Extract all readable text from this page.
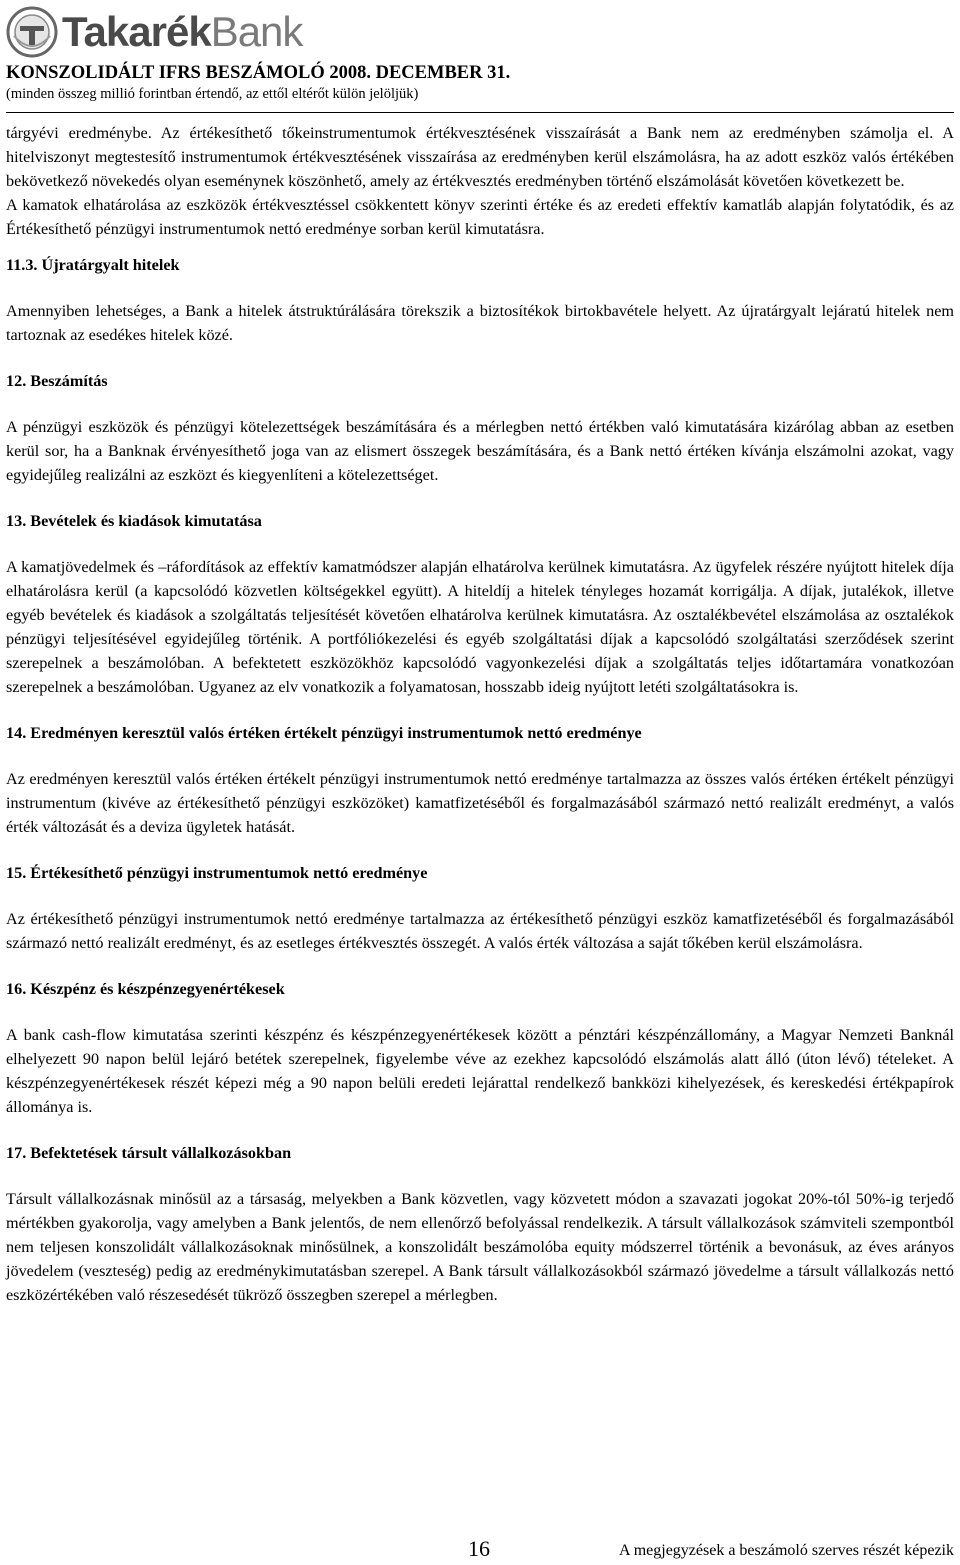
TakarékBank
KONSZOLIDÁLT IFRS BESZÁMOLÓ 2008. DECEMBER 31.
(minden összeg millió forintban értendő, az ettől eltérőt külön jelöljük)

tárgyévi eredménybe. Az értékesíthető tőkeinstrumentumok értékvesztésének visszaírását a Bank nem az eredményben számolja el. A hitelviszonyt megtestesítő instrumentumok értékvesztésének visszaírása az eredményben kerül elszámolásra, ha az adott eszköz valós értékében bekövetkező növekedés olyan eseménynek köszönhető, amely az értékvesztés eredményben történő elszámolását követően következett be.

A kamatok elhatárolása az eszközök értékvesztéssel csökkentett könyv szerinti értéke és az eredeti effektív kamatláb alapján folytatódik, és az Értékesíthető pénzügyi instrumentumok nettó eredménye sorban kerül kimutatásra.

11.3. Újratárgyalt hitelek

Amennyiben lehetséges, a Bank a hitelek átstruktúrálására törekszik a biztosítékok birtokbavétele helyett. Az újratárgyalt lejáratú hitelek nem tartoznak az esedékes hitelek közé.

12. Beszámítás

A pénzügyi eszközök és pénzügyi kötelezettségek beszámítására és a mérlegben nettó értékben való kimutatására kizárólag abban az esetben kerül sor, ha a Banknak érvényesíthető joga van az elismert összegek beszámítására, és a Bank nettó értéken kívánja elszámolni azokat, vagy egyidejűleg realizálni az eszközt és kiegyenlíteni a kötelezettséget.

13. Bevételek és kiadások kimutatása

A kamatjövedelmek és –ráfordítások az effektív kamatmódszer alapján elhatárolva kerülnek kimutatásra. Az ügyfelek részére nyújtott hitelek díja elhatárolásra kerül (a kapcsolódó közvetlen költségekkel együtt). A hiteldíj a hitelek tényleges hozamát korrigálja. A díjak, jutalékok, illetve egyéb bevételek és kiadások a szolgáltatás teljesítését követően elhatárolva kerülnek kimutatásra. Az osztalékbevétel elszámolása az osztalékok pénzügyi teljesítésével egyidejűleg történik. A portfóliókezelési és egyéb szolgáltatási díjak a kapcsolódó szolgáltatási szerződések szerint szerepelnek a beszámolóban. A befektetett eszközökhöz kapcsolódó vagyonkezelési díjak a szolgáltatás teljes időtartamára vonatkozóan szerepelnek a beszámolóban. Ugyanez az elv vonatkozik a folyamatosan, hosszabb ideig nyújtott letéti szolgáltatásokra is.

14. Eredményen keresztül valós értéken értékelt pénzügyi instrumentumok nettó eredménye

Az eredményen keresztül valós értéken értékelt pénzügyi instrumentumok nettó eredménye tartalmazza az összes valós értéken értékelt pénzügyi instrumentum (kivéve az értékesíthető pénzügyi eszközöket) kamatfizetéséből és forgalmazásából származó nettó realizált eredményt, a valós érték változását és a deviza ügyletek hatását.

15. Értékesíthető pénzügyi instrumentumok nettó eredménye

Az értékesíthető pénzügyi instrumentumok nettó eredménye tartalmazza az értékesíthető pénzügyi eszköz kamatfizetéséből és forgalmazásából származó nettó realizált eredményt, és az esetleges értékvesztés összegét. A valós érték változása a saját tőkében kerül elszámolásra.

16. Készpénz és készpénzegyenértékesek

A bank cash-flow kimutatása szerinti készpénz és készpénzegyenértékesek között a pénztári készpénzállomány, a Magyar Nemzeti Banknál elhelyezett 90 napon belül lejáró betétek szerepelnek, figyelembe véve az ezekhez kapcsolódó elszámolás alatt álló (úton lévő) tételeket. A készpénzegyenértékesek részét képezi még a 90 napon belüli eredeti lejárattal rendelkező bankközi kihelyezések, és kereskedési értékpapírok állománya is.

17. Befektetések társult vállalkozásokban

Társult vállalkozásnak minősül az a társaság, melyekben a Bank közvetlen, vagy közvetett módon a szavazati jogokat 20%-tól 50%-ig terjedő mértékben gyakorolja, vagy amelyben a Bank jelentős, de nem ellenőrző befolyással rendelkezik. A társult vállalkozások számviteli szempontból nem teljesen konszolidált vállalkozásoknak minősülnek, a konszolidált beszámolóba equity módszerrel történik a bevonásuk, az éves arányos jövedelem (veszteség) pedig az eredménykimutatásban szerepel. A Bank társult vállalkozásokból származó jövedelme a társult vállalkozás nettó eszközértékében való részesedését tükröző összegben szerepel a mérlegben.

16	A megjegyzések a beszámoló szerves részét képezik
